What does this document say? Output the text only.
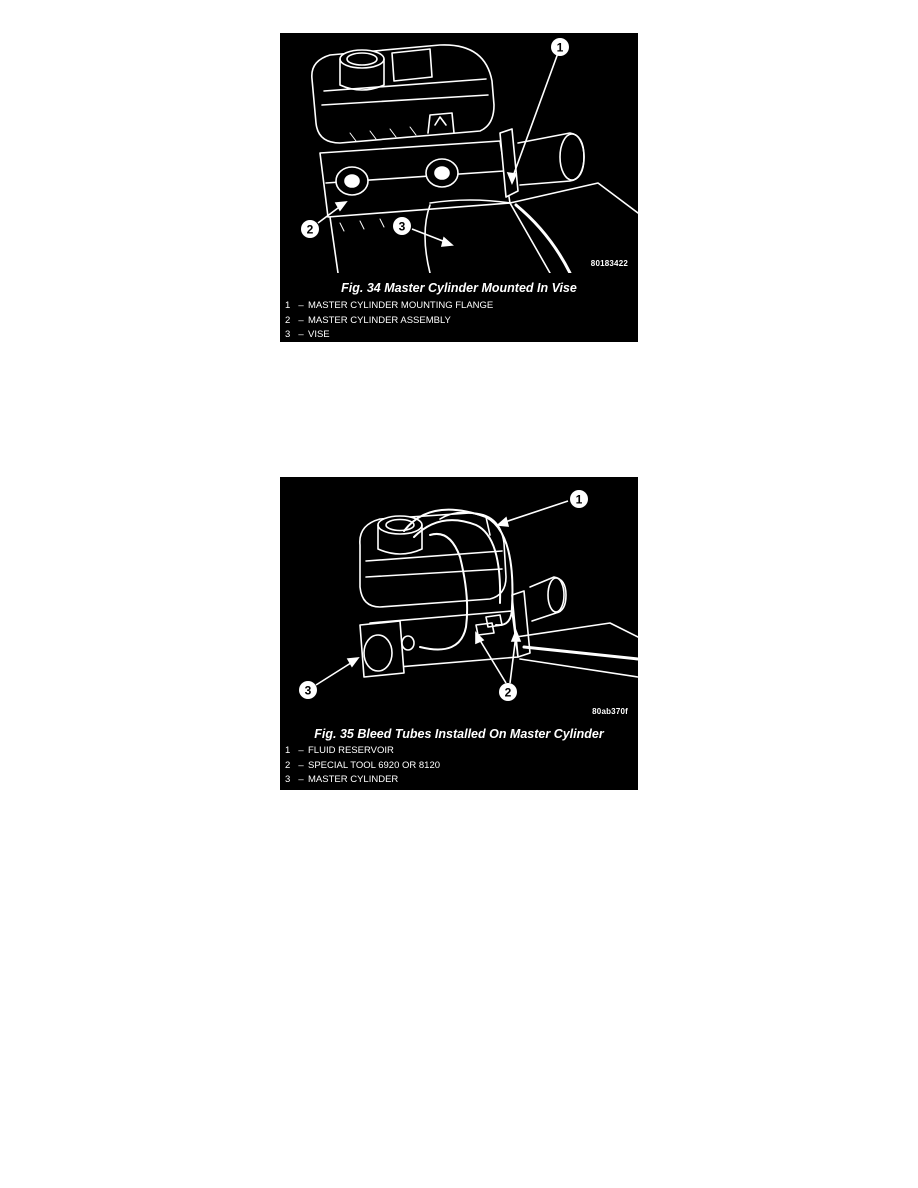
1
2	3
80183422
Fig. 34 Master Cylinder Mounted In Vise
1 – MASTER CYLINDER MOUNTING FLANGE
2 – MASTER CYLINDER ASSEMBLY
3 – VISE
1
2
3
80ab370f
Fig. 35 Bleed Tubes Installed On Master Cylinder
1 – FLUID RESERVOIR
2 – SPECIAL TOOL 6920 OR 8120
3 – MASTER CYLINDER
